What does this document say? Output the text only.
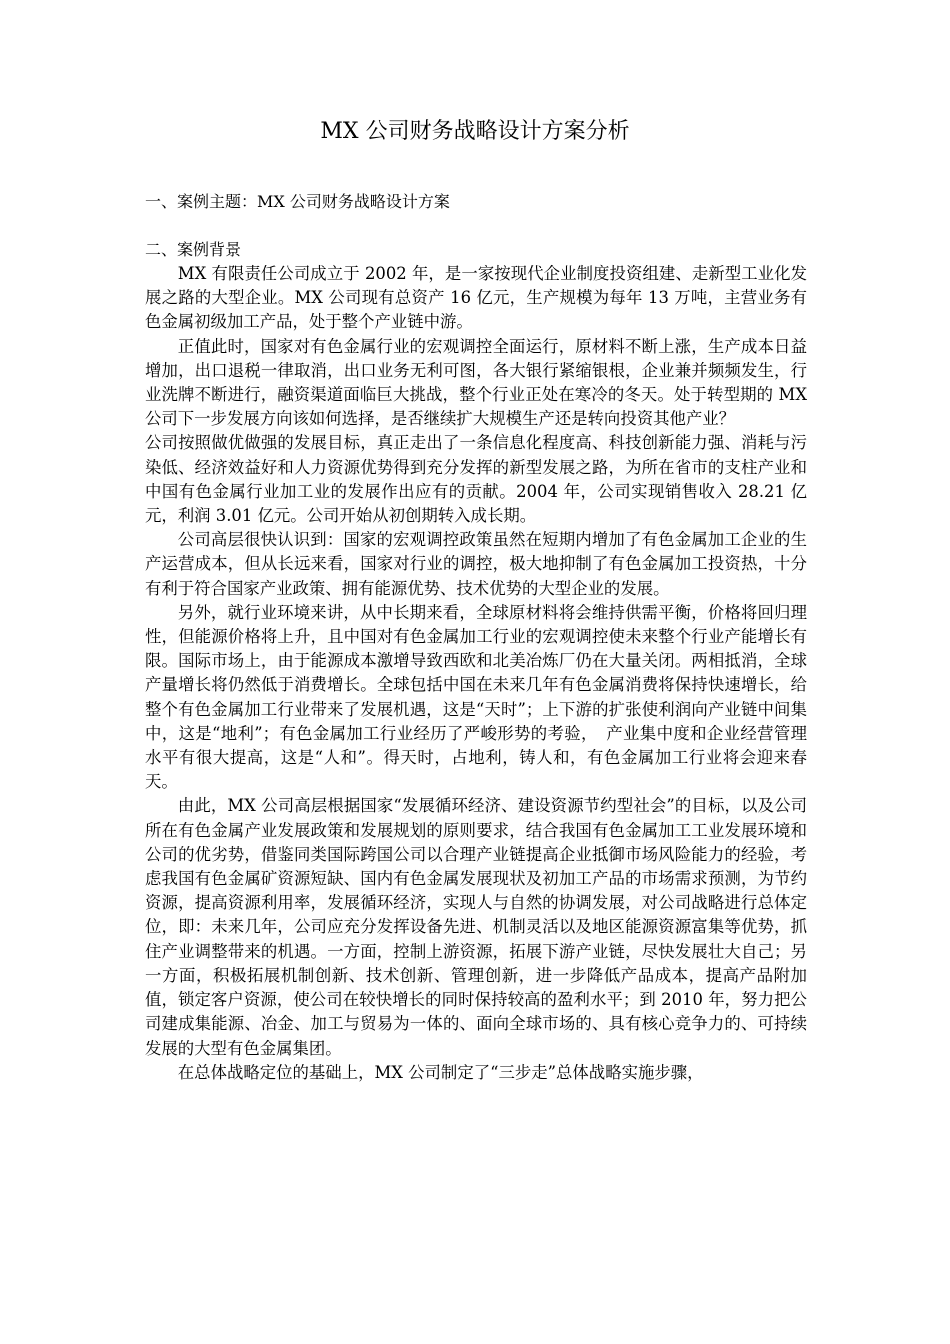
MX 公司财务战略设计方案分析
一、案例主题：MX 公司财务战略设计方案
二、案例背景

MX 有限责任公司成立于 2002 年，是一家按现代企业制度投资组建、走新型工业化发展之路的大型企业。MX 公司现有总资产 16 亿元，生产规模为每年 13 万吨，主营业务有色金属初级加工产品，处于整个产业链中游。

正值此时，国家对有色金属行业的宏观调控全面运行，原材料不断上涨，生产成本日益增加，出口退税一律取消，出口业务无利可图，各大银行紧缩银根，企业兼并频频发生，行业洗牌不断进行，融资渠道面临巨大挑战，整个行业正处在寒冷的冬天。处于转型期的 MX 公司下一步发展方向该如何选择，是否继续扩大规模生产还是转向投资其他产业？

公司按照做优做强的发展目标，真正走出了一条信息化程度高、科技创新能力强、消耗与污染低、经济效益好和人力资源优势得到充分发挥的新型发展之路，为所在省市的支柱产业和中国有色金属行业加工业的发展作出应有的贡献。2004 年，公司实现销售收入 28.21 亿元，利润 3.01 亿元。公司开始从初创期转入成长期。

公司高层很快认识到：国家的宏观调控政策虽然在短期内增加了有色金属加工企业的生产运营成本，但从长远来看，国家对行业的调控，极大地抑制了有色金属加工投资热，十分有利于符合国家产业政策、拥有能源优势、技术优势的大型企业的发展。

另外，就行业环境来讲，从中长期来看，全球原材料将会维持供需平衡，价格将回归理性，但能源价格将上升，且中国对有色金属加工行业的宏观调控使未来整个行业产能增长有限。国际市场上，由于能源成本激增导致西欧和北美冶炼厂仍在大量关闭。两相抵消，全球产量增长将仍然低于消费增长。全球包括中国在未来几年有色金属消费将保持快速增长，给整个有色金属加工行业带来了发展机遇，这是“天时”；上下游的扩张使利润向产业链中间集中，这是“地利”；有色金属加工行业经历了严峻形势的考验，　产业集中度和企业经营管理水平有很大提高，这是“人和”。得天时，占地利，铸人和，有色金属加工行业将会迎来春天。

由此，MX 公司高层根据国家“发展循环经济、建设资源节约型社会”的目标，以及公司所在有色金属产业发展政策和发展规划的原则要求，结合我国有色金属加工工业发展环境和公司的优劣势，借鉴同类国际跨国公司以合理产业链提高企业抵御市场风险能力的经验，考虑我国有色金属矿资源短缺、国内有色金属发展现状及初加工产品的市场需求预测，为节约资源，提高资源利用率，发展循环经济，实现人与自然的协调发展，对公司战略进行总体定位，即：未来几年，公司应充分发挥设备先进、机制灵活以及地区能源资源富集等优势，抓住产业调整带来的机遇。一方面，控制上游资源，拓展下游产业链，尽快发展壮大自己；另一方面，积极拓展机制创新、技术创新、管理创新，进一步降低产品成本，提高产品附加值，锁定客户资源，使公司在较快增长的同时保持较高的盈利水平；到 2010 年，努力把公司建成集能源、冶金、加工与贸易为一体的、面向全球市场的、具有核心竞争力的、可持续发展的大型有色金属集团。

在总体战略定位的基础上，MX 公司制定了“三步走”总体战略实施步骤，
